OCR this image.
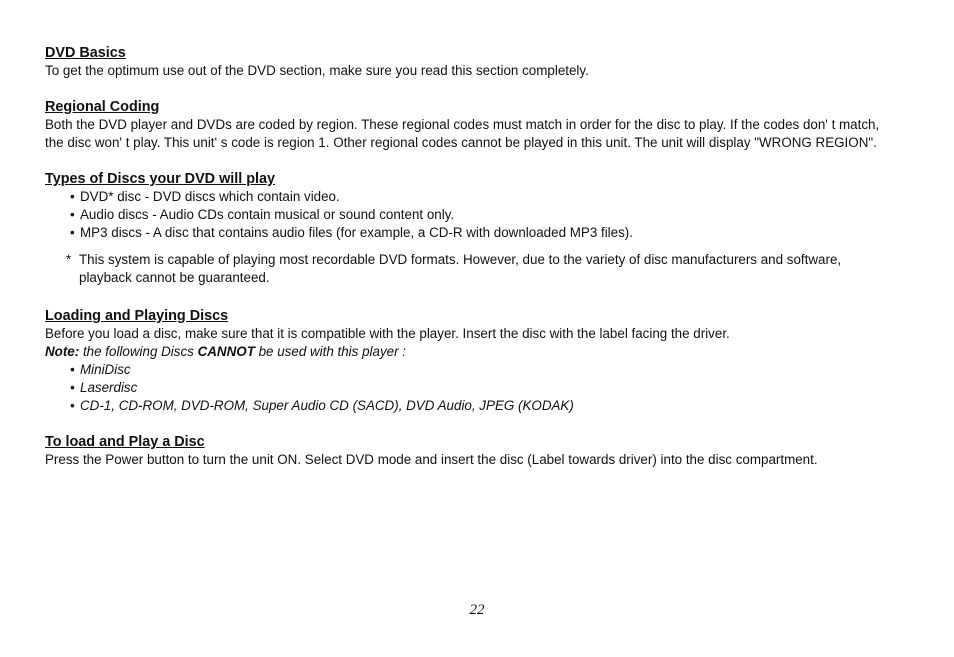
DVD Basics

To get the optimum use out of the DVD section, make sure you read this section completely.

Regional Coding

Both the DVD player and DVDs are coded by region. These regional codes must match in order for the disc to play. If the codes don' t match, the disc won' t play. This unit' s code is region 1. Other regional codes cannot be played in this unit. The unit will display "WRONG REGION".

Types of Discs your DVD will play

• DVD* disc - DVD discs which contain video.

• Audio discs - Audio CDs contain musical or sound content only.

• MP3 discs - A disc that contains audio files (for example, a CD-R with downloaded MP3 files).

* This system is capable of playing most recordable DVD formats. However, due to the variety of disc manufacturers and software, playback cannot be guaranteed.

Loading and Playing Discs

Before you load a disc, make sure that it is compatible with the player. Insert the disc with the label facing the driver.

Note: the following Discs CANNOT be used with this player :

• MiniDisc

• Laserdisc

• CD-1, CD-ROM, DVD-ROM, Super Audio CD (SACD), DVD Audio, JPEG (KODAK)

To load and Play a Disc

Press the Power button to turn the unit ON. Select DVD mode and insert the disc (Label towards driver) into the disc compartment.

22
